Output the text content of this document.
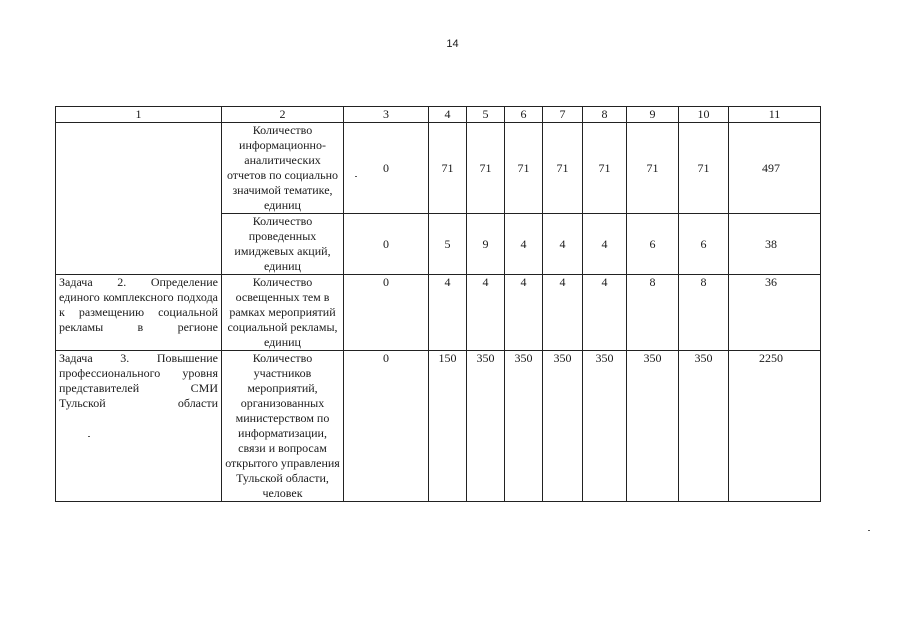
14
1	2	3	4	5	6	7	8	9	10	11
	Количество информационно-аналитических отчетов по социально значимой тематике, единиц	0	71	71	71	71	71	71	71	497
	Количество проведенных имиджевых акций, единиц	0	5	9	4	4	4	6	6	38
Задача 2. Определение единого комплексного подхода к размещению социальной рекламы в регионе	Количество освещенных тем в рамках мероприятий социальной рекламы, единиц	0	4	4	4	4	4	8	8	36
Задача 3. Повышение профессионального уровня представителей СМИ Тульской области	Количество участников мероприятий, организованных министерством по информатизации, связи и вопросам открытого управления Тульской области, человек	0	150	350	350	350	350	350	350	2250
